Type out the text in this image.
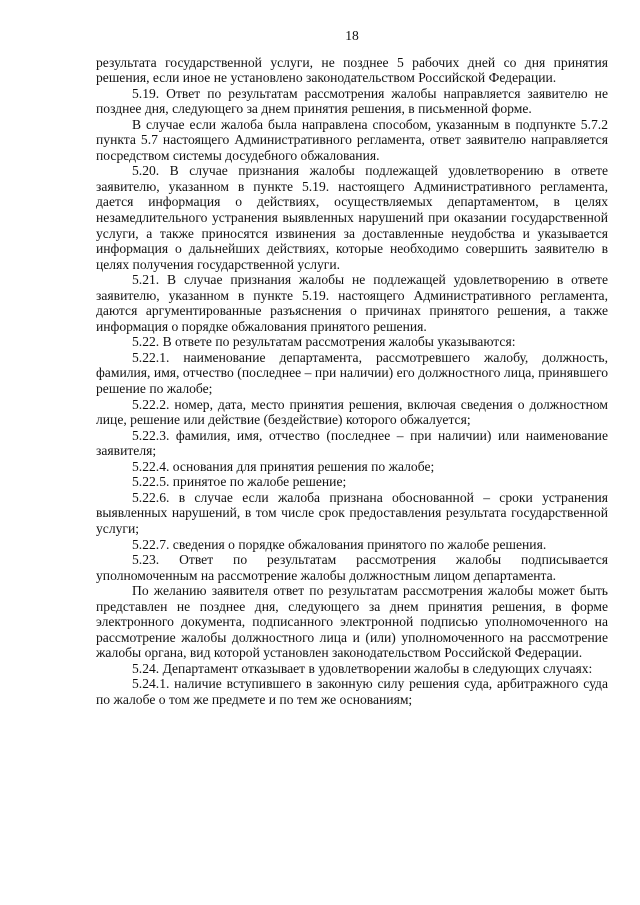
18

результата государственной услуги, не позднее 5 рабочих дней со дня принятия решения, если иное не установлено законодательством Российской Федерации.

5.19. Ответ по результатам рассмотрения жалобы направляется заявителю не позднее дня, следующего за днем принятия решения, в письменной форме.

В случае если жалоба была направлена способом, указанным в подпункте 5.7.2 пункта 5.7 настоящего Административного регламента, ответ заявителю направляется посредством системы досудебного обжалования.

5.20. В случае признания жалобы подлежащей удовлетворению в ответе заявителю, указанном в пункте 5.19. настоящего Административного регламента, дается информация о действиях, осуществляемых департаментом, в целях незамедлительного устранения выявленных нарушений при оказании государственной услуги, а также приносятся извинения за доставленные неудобства и указывается информация о дальнейших действиях, которые необходимо совершить заявителю в целях получения государственной услуги.

5.21. В случае признания жалобы не подлежащей удовлетворению в ответе заявителю, указанном в пункте 5.19. настоящего Административного регламента, даются аргументированные разъяснения о причинах принятого решения, а также информация о порядке обжалования принятого решения.

5.22. В ответе по результатам рассмотрения жалобы указываются:

5.22.1. наименование департамента, рассмотревшего жалобу, должность, фамилия, имя, отчество (последнее – при наличии) его должностного лица, принявшего решение по жалобе;

5.22.2. номер, дата, место принятия решения, включая сведения о должностном лице, решение или действие (бездействие) которого обжалуется;

5.22.3. фамилия, имя, отчество (последнее – при наличии) или наименование заявителя;

5.22.4. основания для принятия решения по жалобе;

5.22.5. принятое по жалобе решение;

5.22.6. в случае если жалоба признана обоснованной – сроки устранения выявленных нарушений, в том числе срок предоставления результата государственной услуги;

5.22.7. сведения о порядке обжалования принятого по жалобе решения.

5.23. Ответ по результатам рассмотрения жалобы подписывается уполномоченным на рассмотрение жалобы должностным лицом департамента.

По желанию заявителя ответ по результатам рассмотрения жалобы может быть представлен не позднее дня, следующего за днем принятия решения, в форме электронного документа, подписанного электронной подписью уполномоченного на рассмотрение жалобы должностного лица и (или) уполномоченного на рассмотрение жалобы органа, вид которой установлен законодательством Российской Федерации.

5.24. Департамент отказывает в удовлетворении жалобы в следующих случаях:

5.24.1. наличие вступившего в законную силу решения суда, арбитражного суда по жалобе о том же предмете и по тем же основаниям;
